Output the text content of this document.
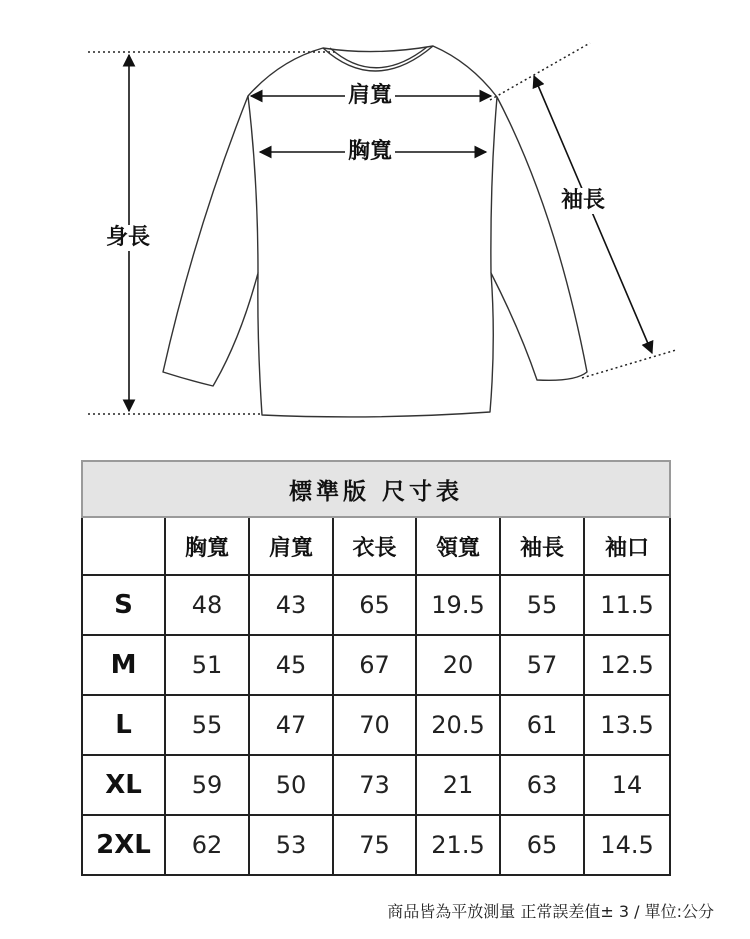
肩寬
胸寬
袖長
身長
標準版 尺寸表						
	胸寬	肩寬	衣長	領寬	袖長	袖口
S	48	43	65	19.5	55	11.5
M	51	45	67	20	57	12.5
L	55	47	70	20.5	61	13.5
XL	59	50	73	21	63	14
2XL	62	53	75	21.5	65	14.5
商品皆為平放測量 正常誤差值± 3 / 單位:公分
